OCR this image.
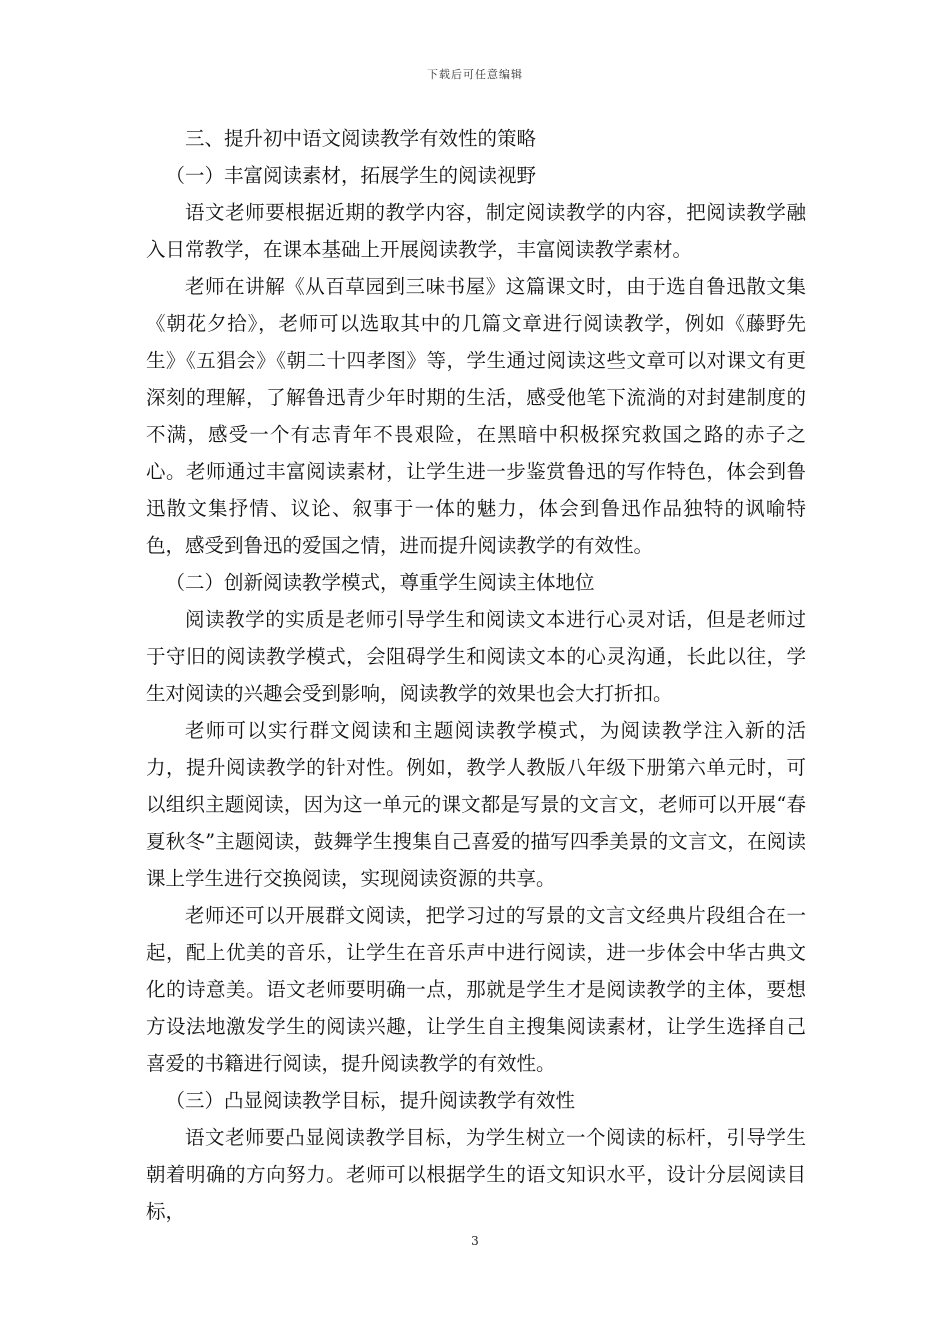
下载后可任意编辑

三、提升初中语文阅读教学有效性的策略

（一）丰富阅读素材，拓展学生的阅读视野

语文老师要根据近期的教学内容，制定阅读教学的内容，把阅读教学融入日常教学，在课本基础上开展阅读教学，丰富阅读教学素材。

老师在讲解《从百草园到三味书屋》这篇课文时，由于选自鲁迅散文集《朝花夕拾》，老师可以选取其中的几篇文章进行阅读教学，例如《藤野先生》《五猖会》《朝二十四孝图》等，学生通过阅读这些文章可以对课文有更深刻的理解，了解鲁迅青少年时期的生活，感受他笔下流淌的对封建制度的不满，感受一个有志青年不畏艰险，在黑暗中积极探究救国之路的赤子之心。老师通过丰富阅读素材，让学生进一步鉴赏鲁迅的写作特色，体会到鲁迅散文集抒情、议论、叙事于一体的魅力，体会到鲁迅作品独特的讽喻特色，感受到鲁迅的爱国之情，进而提升阅读教学的有效性。

（二）创新阅读教学模式，尊重学生阅读主体地位

阅读教学的实质是老师引导学生和阅读文本进行心灵对话，但是老师过于守旧的阅读教学模式，会阻碍学生和阅读文本的心灵沟通，长此以往，学生对阅读的兴趣会受到影响，阅读教学的效果也会大打折扣。

老师可以实行群文阅读和主题阅读教学模式，为阅读教学注入新的活力，提升阅读教学的针对性。例如，教学人教版八年级下册第六单元时，可以组织主题阅读，因为这一单元的课文都是写景的文言文，老师可以开展“春夏秋冬”主题阅读，鼓舞学生搜集自己喜爱的描写四季美景的文言文，在阅读课上学生进行交换阅读，实现阅读资源的共享。

老师还可以开展群文阅读，把学习过的写景的文言文经典片段组合在一起，配上优美的音乐，让学生在音乐声中进行阅读，进一步体会中华古典文化的诗意美。语文老师要明确一点，那就是学生才是阅读教学的主体，要想方设法地激发学生的阅读兴趣，让学生自主搜集阅读素材，让学生选择自己喜爱的书籍进行阅读，提升阅读教学的有效性。

（三）凸显阅读教学目标，提升阅读教学有效性

语文老师要凸显阅读教学目标，为学生树立一个阅读的标杆，引导学生朝着明确的方向努力。老师可以根据学生的语文知识水平，设计分层阅读目标，

3
